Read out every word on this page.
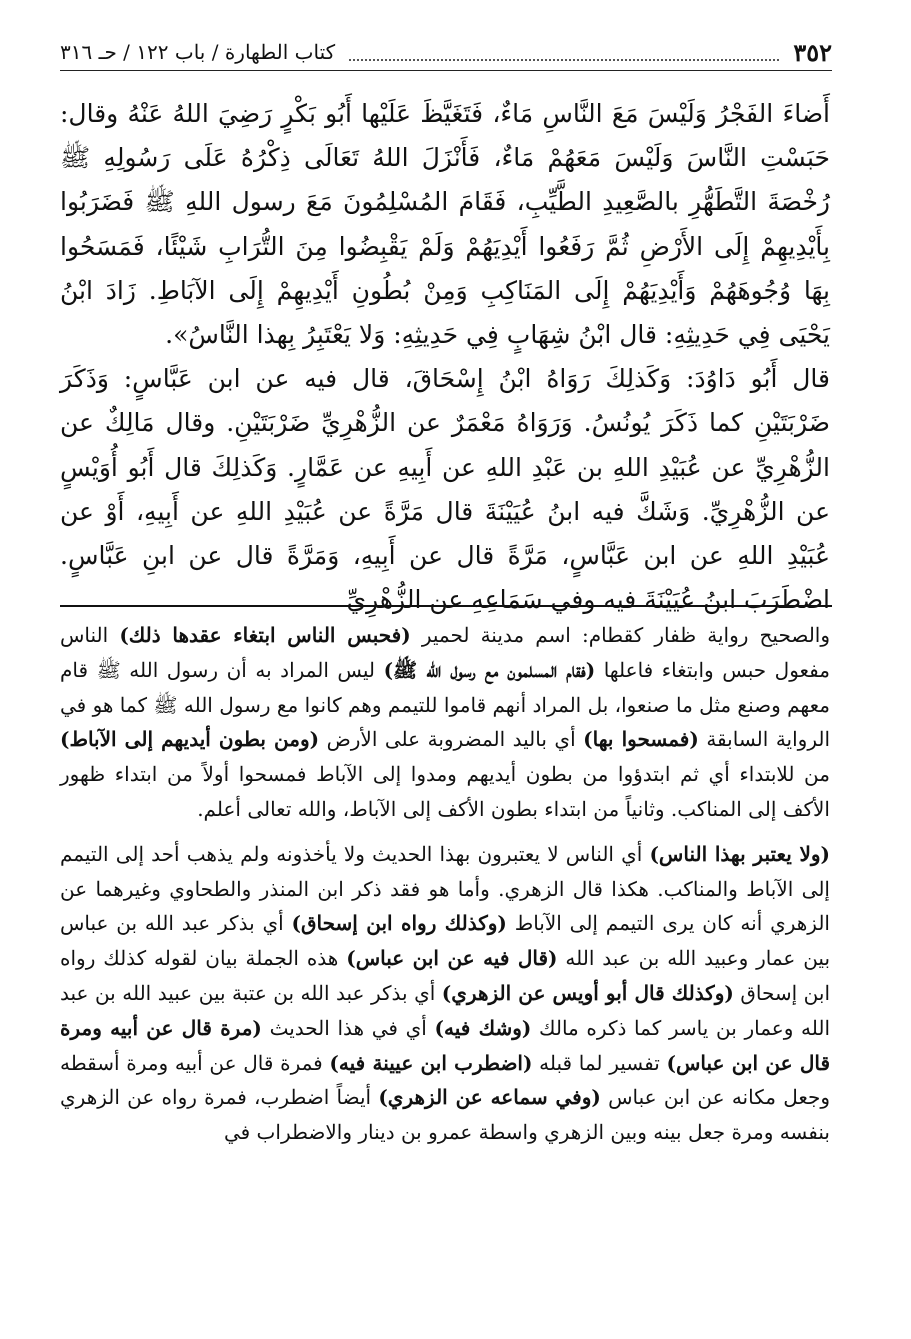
٣٥٢
كتاب الطهارة / باب ١٢٢ / حـ ٣١٦

أَضاءَ الفَجْرُ وَلَيْسَ مَعَ النَّاسِ مَاءٌ، فَتَغَيَّظَ عَلَيْها أَبُو بَكْرٍ رَضِيَ اللهُ عَنْهُ وقال: حَبَسْتِ النَّاسَ وَلَيْسَ مَعَهُمْ مَاءٌ، فَأَنْزَلَ اللهُ تَعَالَى ذِكْرُهُ عَلَى رَسُولِهِ ﷺ رُخْصَةَ التَّطَهُّرِ بالصَّعِيدِ الطَّيِّبِ، فَقَامَ المُسْلِمُونَ مَعَ رسول اللهِ ﷺ فَضَرَبُوا بِأَيْدِيهِمْ إِلَى الأَرْضِ ثُمَّ رَفَعُوا أَيْدِيَهُمْ وَلَمْ يَقْبِضُوا مِنَ التُّرَابِ شَيْئًا، فَمَسَحُوا بِهَا وُجُوهَهُمْ وَأَيْدِيَهُمْ إِلَى المَنَاكِبِ وَمِنْ بُطُونِ أَيْدِيهِمْ إِلَى الآبَاطِ. زَادَ ابْنُ يَحْيَى فِي حَدِيثِهِ: قال ابْنُ شِهَابٍ فِي حَدِيثِهِ: وَلا يَعْتَبِرُ بِهذا النَّاسُ».

قال أَبُو دَاوُدَ: وَكَذلِكَ رَوَاهُ ابْنُ إِسْحَاقَ، قال فيه عن ابن عَبَّاسٍ: وَذَكَرَ ضَرْبَتَيْنِ كما ذَكَرَ يُونُسُ. وَرَوَاهُ مَعْمَرٌ عن الزُّهْرِيِّ ضَرْبَتَيْنِ. وقال مَالِكٌ عن الزُّهْرِيِّ عن عُبَيْدِ اللهِ بن عَبْدِ اللهِ عن أَبِيهِ عن عَمَّارٍ. وَكَذلِكَ قال أَبُو أُوَيْسٍ عن الزُّهْرِيِّ. وَشَكَّ فيه ابنُ عُيَيْنَةَ قال مَرَّةً عن عُبَيْدِ اللهِ عن أَبِيهِ، أَوْ عن عُبَيْدِ اللهِ عن ابن عَبَّاسٍ، مَرَّةً قال عن أَبِيهِ، وَمَرَّةً قال عن ابنِ عَبَّاسٍ. اضْطَرَبَ ابنُ عُيَيْنَةَ فيه وفي سَمَاعِهِ عن الزُّهْرِيِّ

والصحيح رواية ظفار كقطام: اسم مدينة لحمير (فحبس الناس ابتغاء عقدها ذلك) الناس مفعول حبس وابتغاء فاعلها (فقام المسلمون مع رسول الله ﷺ) ليس المراد به أن رسول الله ﷺ قام معهم وصنع مثل ما صنعوا، بل المراد أنهم قاموا للتيمم وهم كانوا مع رسول الله ﷺ كما هو في الرواية السابقة (فمسحوا بها) أي باليد المضروبة على الأرض (ومن بطون أيديهم إلى الآباط) من للابتداء أي ثم ابتدؤوا من بطون أيديهم ومدوا إلى الآباط فمسحوا أولاً من ابتداء ظهور الأكف إلى المناكب. وثانياً من ابتداء بطون الأكف إلى الآباط، والله تعالى أعلم.

(ولا يعتبر بهذا الناس) أي الناس لا يعتبرون بهذا الحديث ولا يأخذونه ولم يذهب أحد إلى التيمم إلى الآباط والمناكب. هكذا قال الزهري. وأما هو فقد ذكر ابن المنذر والطحاوي وغيرهما عن الزهري أنه كان يرى التيمم إلى الآباط (وكذلك رواه ابن إسحاق) أي بذكر عبد الله بن عباس بين عمار وعبيد الله بن عبد الله (قال فيه عن ابن عباس) هذه الجملة بيان لقوله كذلك رواه ابن إسحاق (وكذلك قال أبو أويس عن الزهري) أي بذكر عبد الله بن عتبة بين عبيد الله بن عبد الله وعمار بن ياسر كما ذكره مالك (وشك فيه) أي في هذا الحديث (مرة قال عن أبيه ومرة قال عن ابن عباس) تفسير لما قبله (اضطرب ابن عيينة فيه) فمرة قال عن أبيه ومرة أسقطه وجعل مكانه عن ابن عباس (وفي سماعه عن الزهري) أيضاً اضطرب، فمرة رواه عن الزهري بنفسه ومرة جعل بينه وبين الزهري واسطة عمرو بن دينار والاضطراب في
